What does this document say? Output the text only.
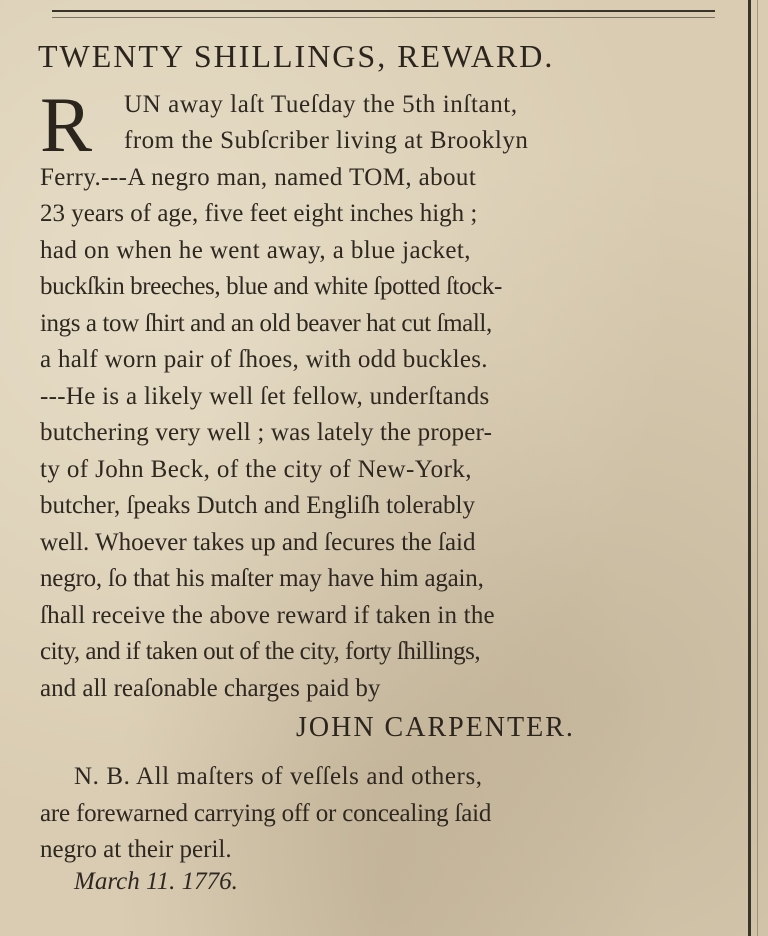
TWENTY SHILLINGS, REWARD.
R UN away laſt Tueſday the 5th inſtant,
from the Subſcriber living at Brooklyn
Ferry.---A negro man, named TOM, about
23 years of age, five feet eight inches high ;
had on when he went away, a blue jacket,
buckſkin breeches, blue and white ſpotted ſtock-
ings a tow ſhirt and an old beaver hat cut ſmall,
a half worn pair of ſhoes, with odd buckles.
---He is a likely well ſet fellow, underſtands
butchering very well ; was lately the proper-
ty of John Beck, of the city of New-York,
butcher, ſpeaks Dutch and Engliſh tolerably
well. Whoever takes up and ſecures the ſaid
negro, ſo that his maſter may have him again,
ſhall receive the above reward if taken in the
city, and if taken out of the city, forty ſhillings,
and all reaſonable charges paid by
JOHN CARPENTER.
N. B. All maſters of veſſels and others,
are forewarned carrying off or concealing ſaid
negro at their peril.
March 11. 1776.
